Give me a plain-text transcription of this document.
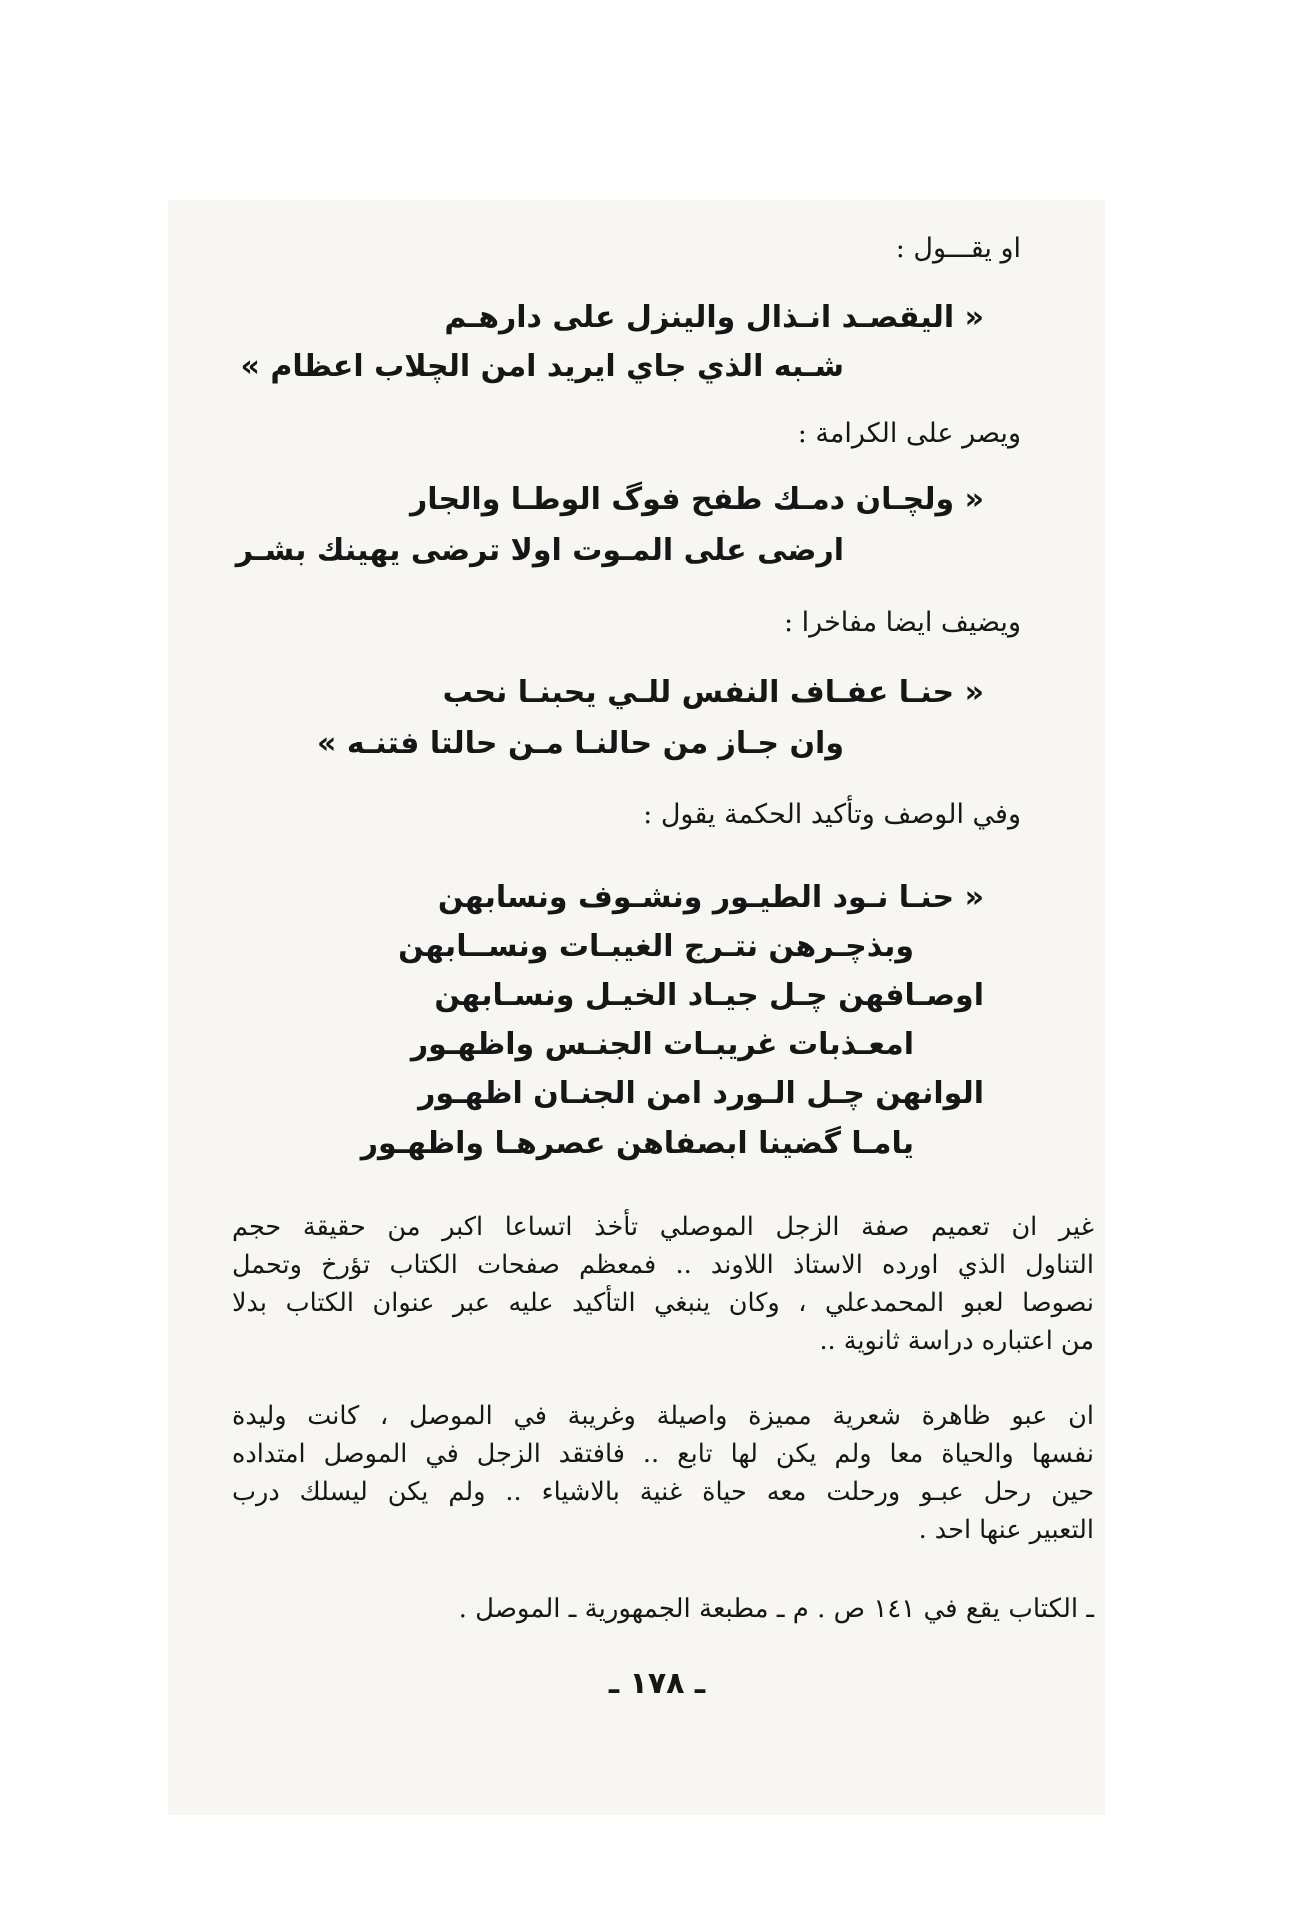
او يقـــول :
« اليقصـد انـذال والينزل على دارهـم
شـبه الذي جاي ايريد امن الچلاب اعظام »
ويصر على الكرامة :
« ولچـان دمـك طفح فوگ الوطـا والجار
ارضى على المـوت اولا ترضى يهينك بشـر
ويضيف ايضا مفاخرا :
« حنـا عفـاف النفس للـي يحبنـا نحب
وان جـاز من حالنـا مـن حالتا فتنـه »
وفي الوصف وتأكيد الحكمة يقول :
« حنـا نـود الطيـور ونشـوف ونسابهن
وبذچـرهن نتـرج الغيبـات ونســابهن
اوصـافهن چـل جيـاد الخيـل ونسـابهن
امعـذبات غريبـات الجنـس واظهـور
الوانهن چـل الـورد امن الجنـان اظهـور
يامـا گضينا ابصفاهن عصرهـا واظهـور
غير ان تعميم صفة الزجل الموصلي تأخذ اتساعا اكبر من حقيقة حجم
التناول الذي اورده الاستاذ اللاوند .. فمعظم صفحات الكتاب تؤرخ وتحمل
نصوصا لعبو المحمدعلي ، وكان ينبغي التأكيد عليه عبر عنوان الكتاب بدلا
من اعتباره دراسة ثانوية ..
ان عبو ظاهرة شعرية مميزة واصيلة وغريبة في الموصل ، كانت وليدة
نفسها والحياة معا ولم يكن لها تابع .. فافتقد الزجل في الموصل امتداده
حين رحل عبـو ورحلت معه حياة غنية بالاشياء .. ولم يكن ليسلك درب
التعبير عنها احد .
ـ الكتاب يقع في ١٤١ ص . م ـ مطبعة الجمهورية ـ الموصل .
ـ ١٧٨ ـ
